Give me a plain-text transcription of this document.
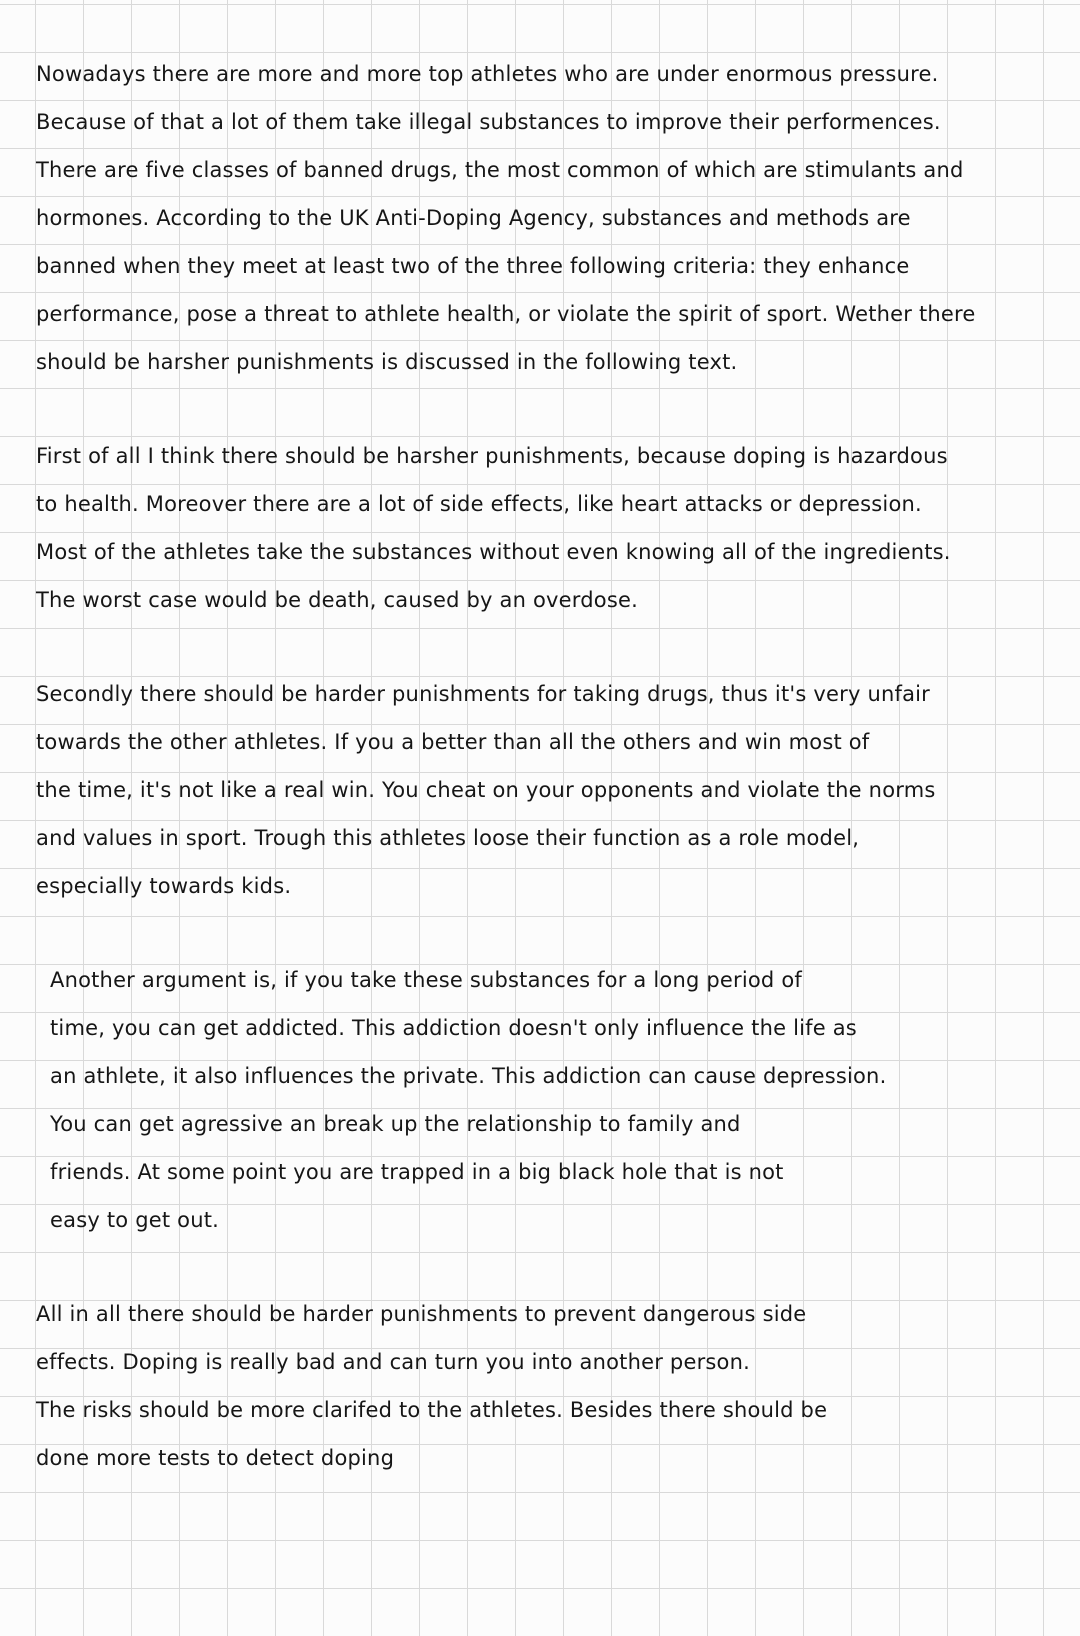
Nowadays there are more and more top athletes who are under enormous pressure.
Because of that a lot of them take illegal substances to improve their performences.
There are five classes of banned drugs, the most common of which are stimulants and
hormones. According to the UK Anti-Doping Agency, substances and methods are
banned when they meet at least two of the three following criteria: they enhance
performance, pose a threat to athlete health, or violate the spirit of sport. Wether there
should be harsher punishments is discussed in the following text.
First of all I think there should be harsher punishments, because doping is hazardous
to health. Moreover there are a lot of side effects, like heart attacks or depression.
Most of the athletes take the substances without even knowing all of the ingredients.
The worst case would be death, caused by an overdose.
Secondly there should be harder punishments for taking drugs, thus it's very unfair
towards the other athletes. If you a better than all the others and win most of
the time, it's not like a real win. You cheat on your opponents and violate the norms
and values in sport. Trough this athletes loose their function as a role model,
especially towards kids.
Another argument is, if you take these substances for a long period of
time, you can get addicted. This addiction doesn't only influence the life as
an athlete, it also influences the private. This addiction can cause depression.
You can get agressive an break up the relationship to family and
friends. At some point you are trapped in a big black hole that is not
easy to get out.
All in all there should be harder punishments to prevent dangerous side
effects. Doping is really bad and can turn you into another person.
The risks should be more clarifed to the athletes. Besides there should be
done more tests to detect doping
